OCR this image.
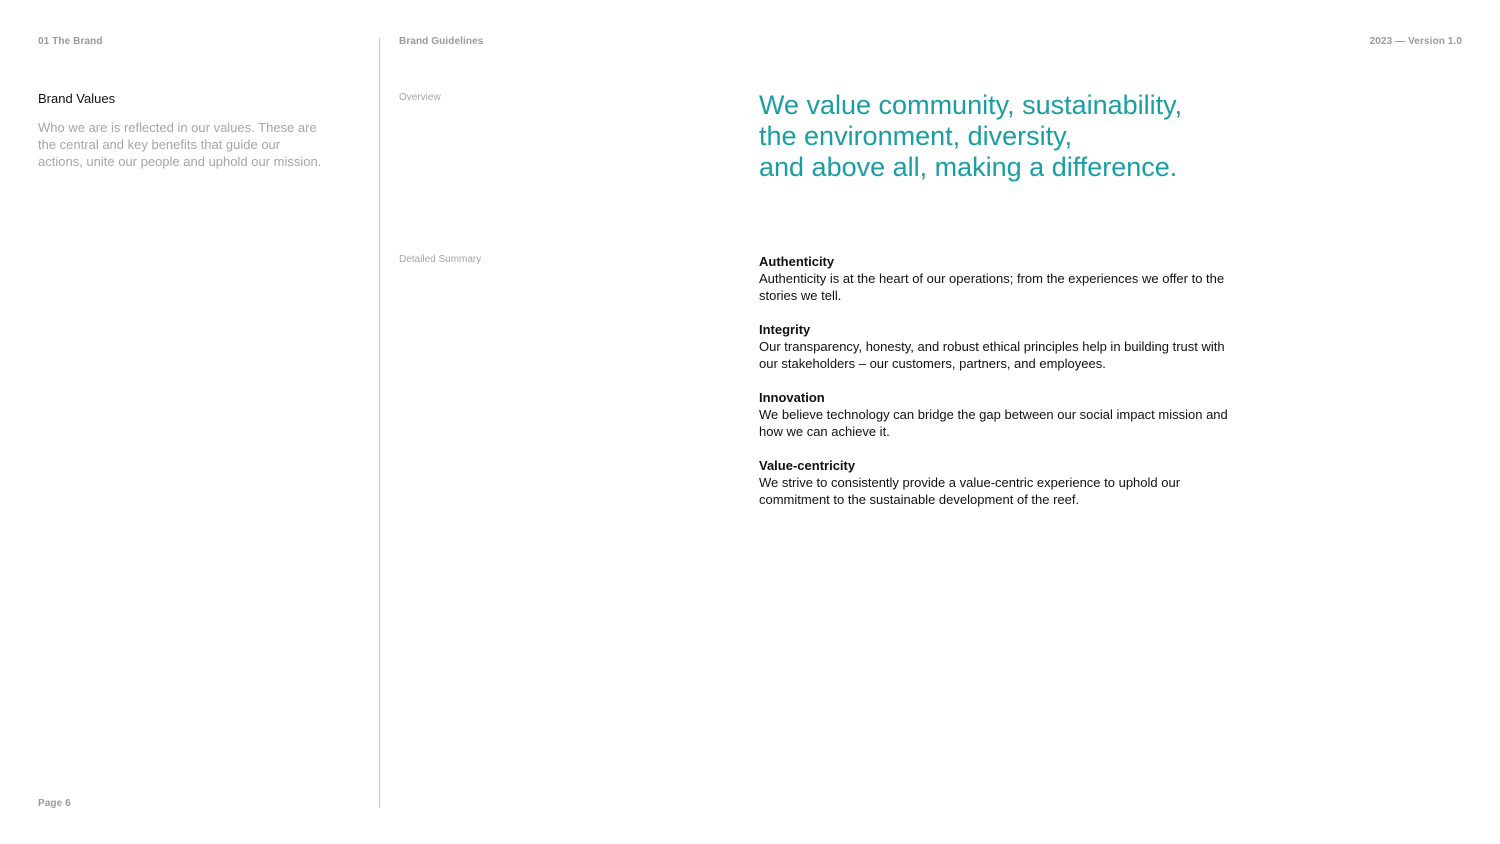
01 The Brand	Brand Guidelines	2023 — Version 1.0
Brand Values

Who we are is reflected in our values. These are the central and key benefits that guide our actions, unite our people and uphold our mission.

Overview
Detailed Summary
We value community, sustainability,
the environment, diversity,
and above all, making a difference.
Authenticity
Authenticity is at the heart of our operations; from the experiences we offer to the stories we tell.
Integrity
Our transparency, honesty, and robust ethical principles help in building trust with our stakeholders – our customers, partners, and employees.
Innovation
We believe technology can bridge the gap between our social impact mission and how we can achieve it.
Value-centricity
We strive to consistently provide a value-centric experience to uphold our commitment to the sustainable development of the reef.
Page 6
